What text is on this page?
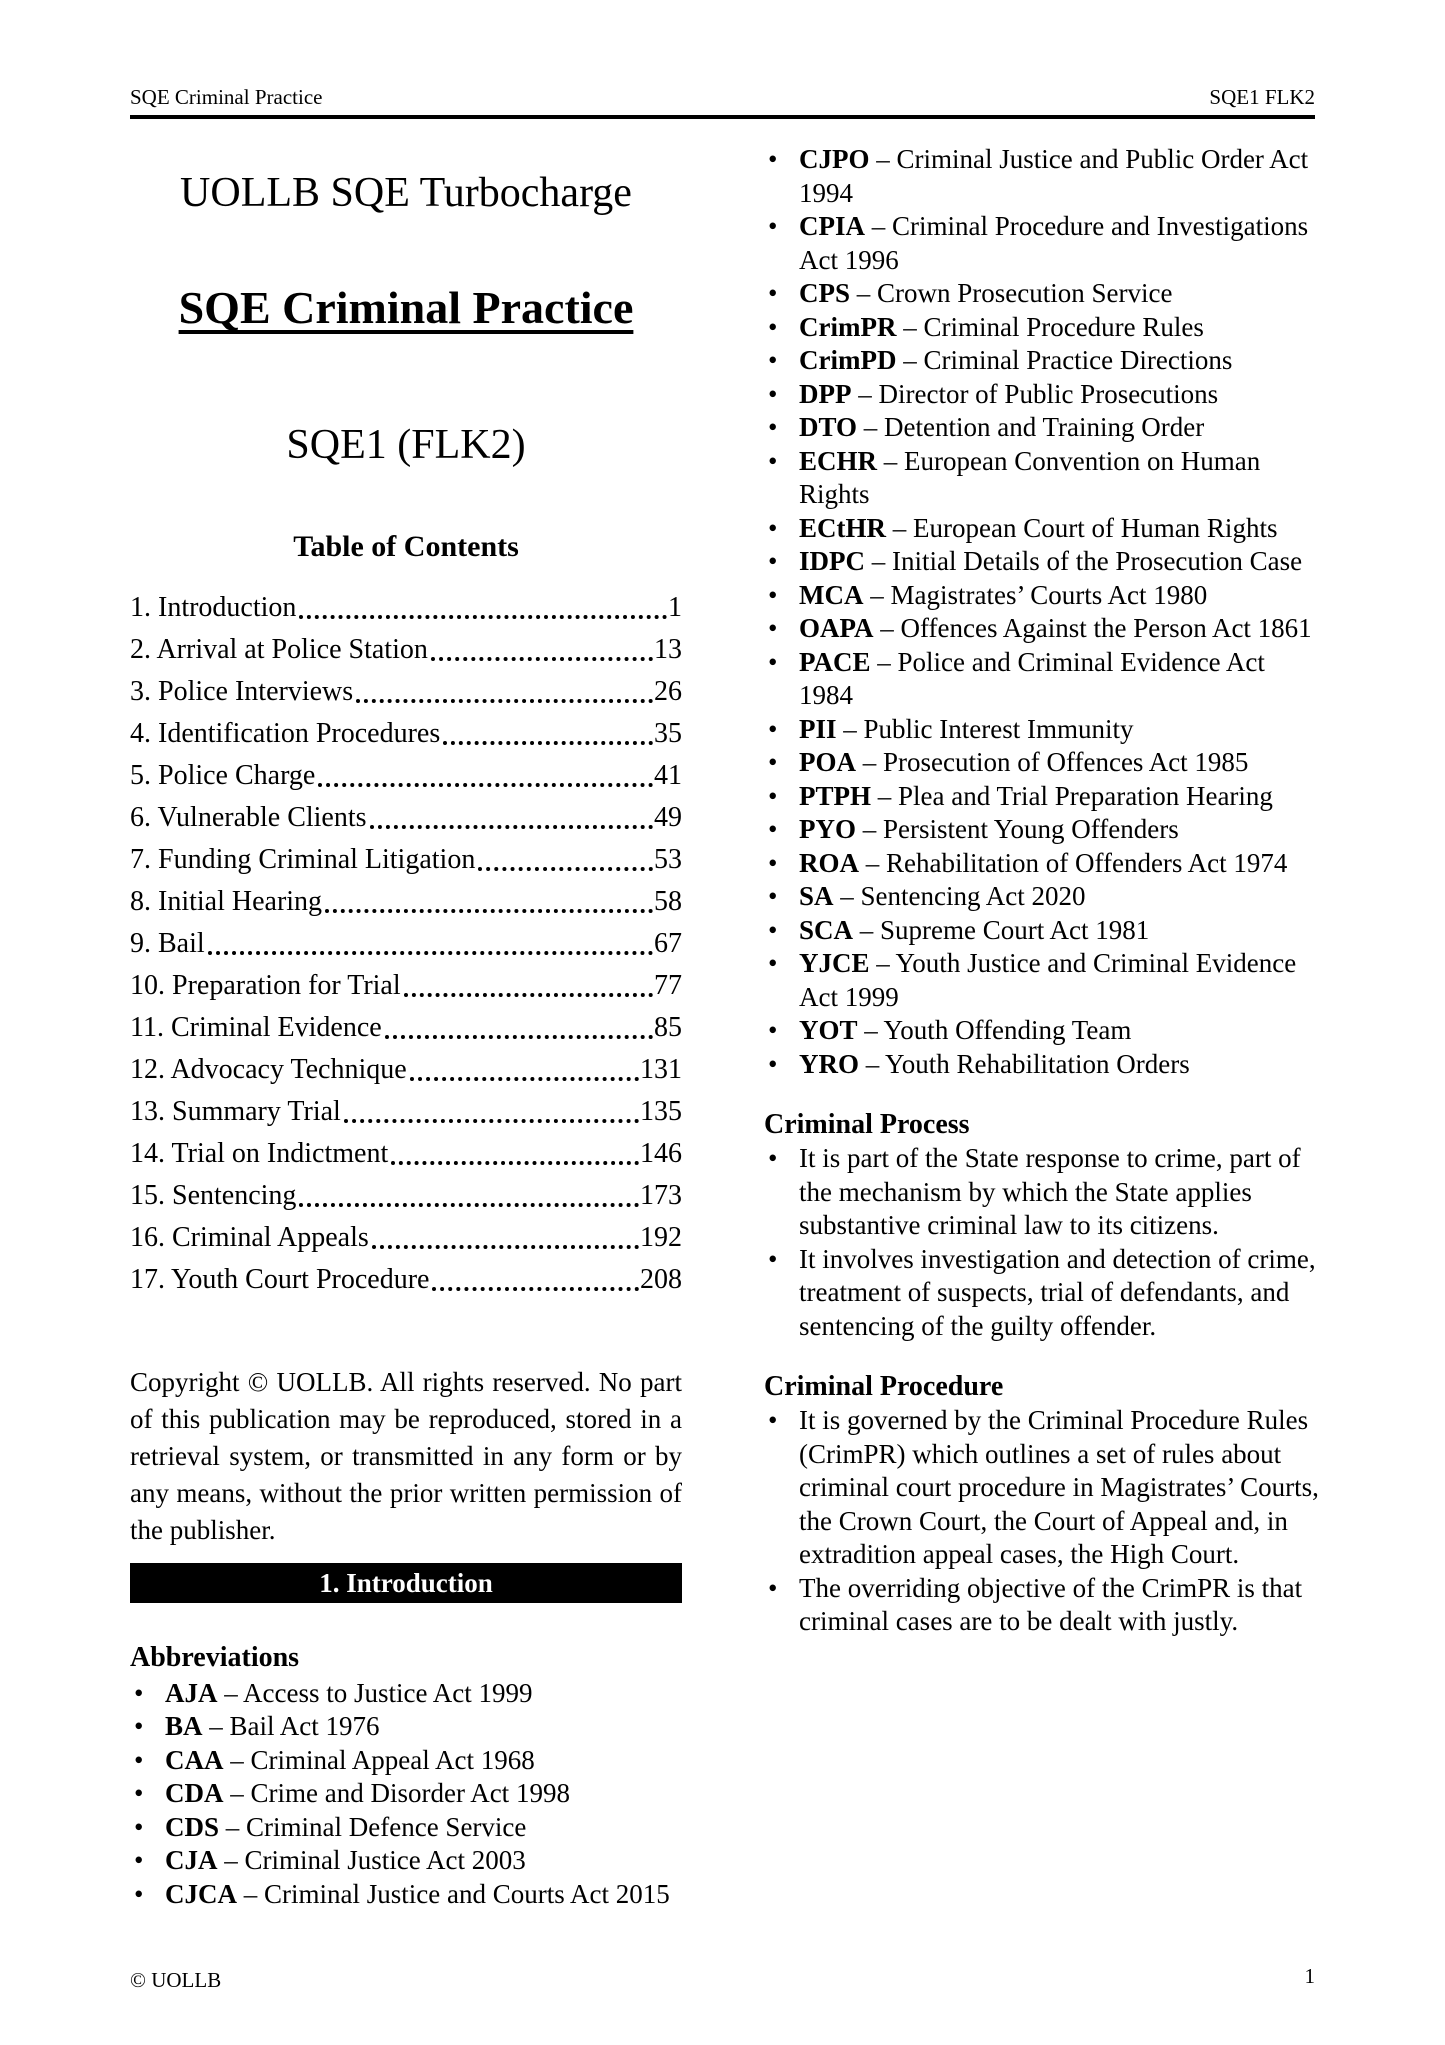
SQE Criminal Practice	SQE1 FLK2
UOLLB SQE Turbocharge
SQE Criminal Practice
SQE1 (FLK2)
Table of Contents
1. Introduction	1
2. Arrival at Police Station	13
3. Police Interviews	26
4. Identification Procedures	35
5. Police Charge	41
6. Vulnerable Clients	49
7. Funding Criminal Litigation	53
8. Initial Hearing	58
9. Bail	67
10. Preparation for Trial	77
11. Criminal Evidence	85
12. Advocacy Technique	131
13. Summary Trial	135
14. Trial on Indictment	146
15. Sentencing	173
16. Criminal Appeals	192
17. Youth Court Procedure	208
Copyright © UOLLB. All rights reserved. No part of this publication may be reproduced, stored in a retrieval system, or transmitted in any form or by any means, without the prior written permission of the publisher.
1. Introduction
Abbreviations
• AJA – Access to Justice Act 1999
• BA – Bail Act 1976
• CAA – Criminal Appeal Act 1968
• CDA – Crime and Disorder Act 1998
• CDS – Criminal Defence Service
• CJA – Criminal Justice Act 2003
• CJCA – Criminal Justice and Courts Act 2015
• CJPO – Criminal Justice and Public Order Act 1994
• CPIA – Criminal Procedure and Investigations Act 1996
• CPS – Crown Prosecution Service
• CrimPR – Criminal Procedure Rules
• CrimPD – Criminal Practice Directions
• DPP – Director of Public Prosecutions
• DTO – Detention and Training Order
• ECHR – European Convention on Human Rights
• ECtHR – European Court of Human Rights
• IDPC – Initial Details of the Prosecution Case
• MCA – Magistrates’ Courts Act 1980
• OAPA – Offences Against the Person Act 1861
• PACE – Police and Criminal Evidence Act 1984
• PII – Public Interest Immunity
• POA – Prosecution of Offences Act 1985
• PTPH – Plea and Trial Preparation Hearing
• PYO – Persistent Young Offenders
• ROA – Rehabilitation of Offenders Act 1974
• SA – Sentencing Act 2020
• SCA – Supreme Court Act 1981
• YJCE – Youth Justice and Criminal Evidence Act 1999
• YOT – Youth Offending Team
• YRO – Youth Rehabilitation Orders
Criminal Process
• It is part of the State response to crime, part of the mechanism by which the State applies substantive criminal law to its citizens.
• It involves investigation and detection of crime, treatment of suspects, trial of defendants, and sentencing of the guilty offender.
Criminal Procedure
• It is governed by the Criminal Procedure Rules (CrimPR) which outlines a set of rules about criminal court procedure in Magistrates’ Courts, the Crown Court, the Court of Appeal and, in extradition appeal cases, the High Court.
• The overriding objective of the CrimPR is that criminal cases are to be dealt with justly.
© UOLLB	1
